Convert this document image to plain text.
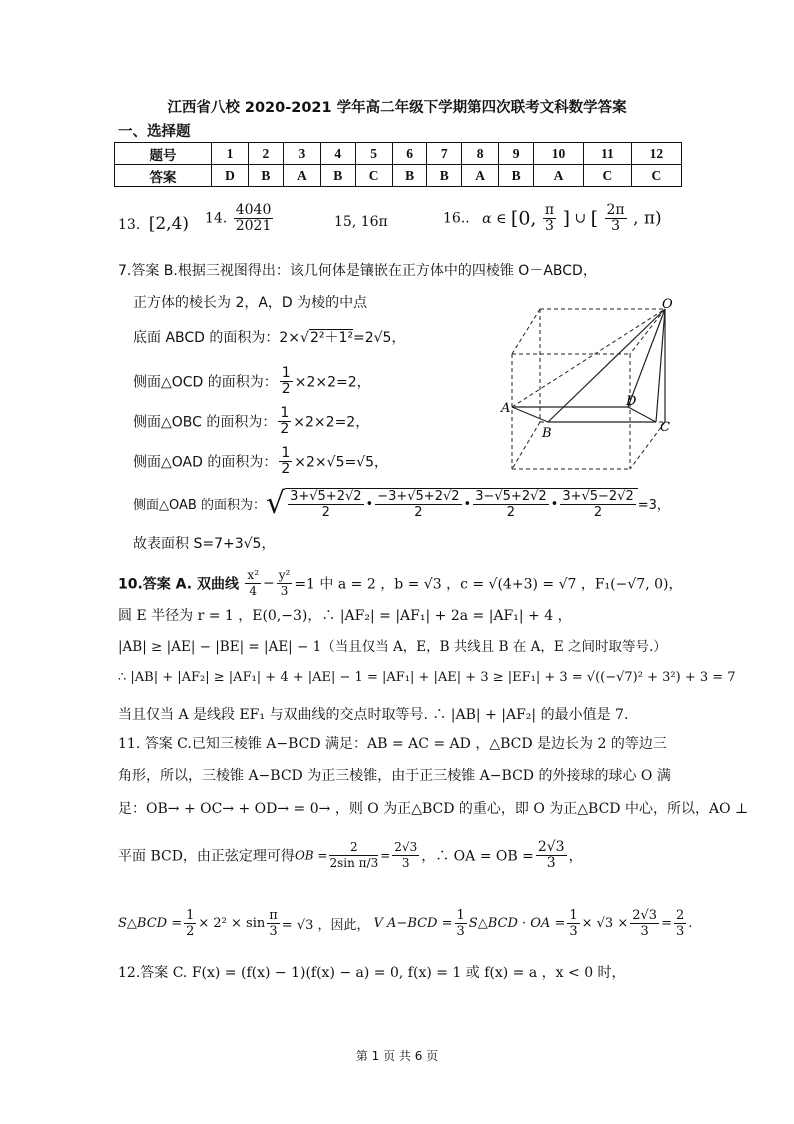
江西省八校 2020-2021 学年高二年级下学期第四次联考文科数学答案
一、选择题
题号	1	2	3	4	5	6	7	8	9	10	11	12
答案	D	B	A	B	C	B	B	A	B	A	C	C
13. [2,4) 14. $\frac{4040}{2021}$	15, 16π	16.. α ∈ [0, $\frac{\pi}{3}$ ] ∪ [ $\frac{2\pi}{3}$ , π)
7.答案 B.根据三视图得出：该几何体是镶嵌在正方体中的四棱锥 O－ABCD，
正方体的棱长为 2，A，D 为棱的中点
底面 ABCD 的面积为：2×√2²＋1²=2√5，
侧面△OCD 的面积为： $\frac{1}{2} \times 2\times 2=2$，
侧面△OBC 的面积为： $\frac{1}{2} \times 2\times 2=2$，
侧面△OAD 的面积为： $\frac{1}{2} \times 2\times√5=√5$，
侧面△OAB 的面积为：√ $\frac{3+√5+2√2}{2}$ • $\frac{-3+√5+2√2}{2}$ • $\frac{3-√5+2√2}{2}$ • $\frac{3+√5-2√2}{2} =3$，
故表面积 S=7+3√5，
O
A	D
B	C
10.答案 A. 双曲线 $\frac{\text{x²}}{4} - \frac{\text{y²}}{3} =1$ 中 a = 2 ，b = √3 ，c = √(4+3) = √7 ，F₁(−√7, 0)，
圆 E 半径为 r = 1 ，E(0,−3)，∴ |AF₂| = |AF₁| + 2a = |AF₁| + 4 ，
|AB| ≥ |AE| − |BE| = |AE| − 1（当且仅当 A，E，B 共线且 B 在 A，E 之间时取等号.）
∴ |AB| + |AF₂| ≥ |AF₁| + 4 + |AE| − 1 = |AF₁| + |AE| + 3 ≥ |EF₁| + 3 = √((−√7)² + 3²) + 3 = 7
当且仅当 A 是线段 EF₁ 与双曲线的交点时取等号. ∴ |AB| + |AF₂| 的最小值是 7.
11. 答案 C.已知三棱锥 A−BCD 满足：AB = AC = AD ，△BCD 是边长为 2 的等边三
角形，所以，三棱锥 A−BCD 为正三棱锥，由于正三棱锥 A−BCD 的外接球的球心 O 满
足：OB→ + OC→ + OD→ = 0→ ，则 O 为正△BCD 的重心，即 O 为正△BCD 中心，所以，AO ⊥
平面 BCD，由正弦定理可得OB = $\frac{2}{\text{2sin π/3}} = \frac{2√3}{3}$ ，∴ OA = OB = $\frac{2√3}{3}$ ，
S△BCD = $\frac{1}{2} \times 2^2 \times \sin \frac{\pi}{3} = √3$ ，因此， V $A-BCD = \frac{1}{3}$ S△BCD · OA = $\frac{1}{3} \times √3 \times \frac{2√3}{3} = \frac{2}{3}$ .
12.答案 C. F(x) = (f(x) − 1)(f(x) − a) = 0, f(x) = 1 或 f(x) = a ，x < 0 时，
第 1 页 共 6 页
